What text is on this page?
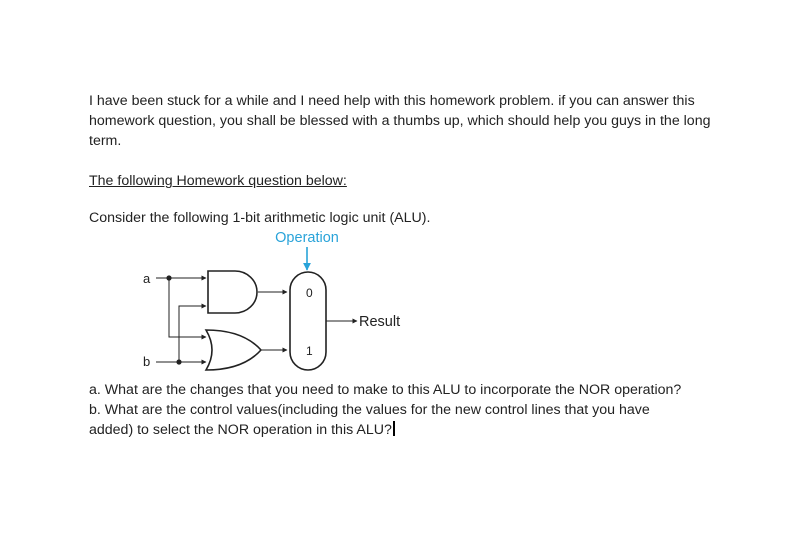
I have been stuck for a while and I need help with this homework problem. if you can answer this homework question, you shall be blessed with a thumbs up, which should help you guys in the long term.

The following Homework question below:

Consider the following 1-bit arithmetic logic unit (ALU).

Operation
a
b
0
1
Result
a. What are the changes that you need to make to this ALU to incorporate the NOR operation?
b. What are the control values(including the values for the new control lines that you have
added) to select the NOR operation in this ALU?
